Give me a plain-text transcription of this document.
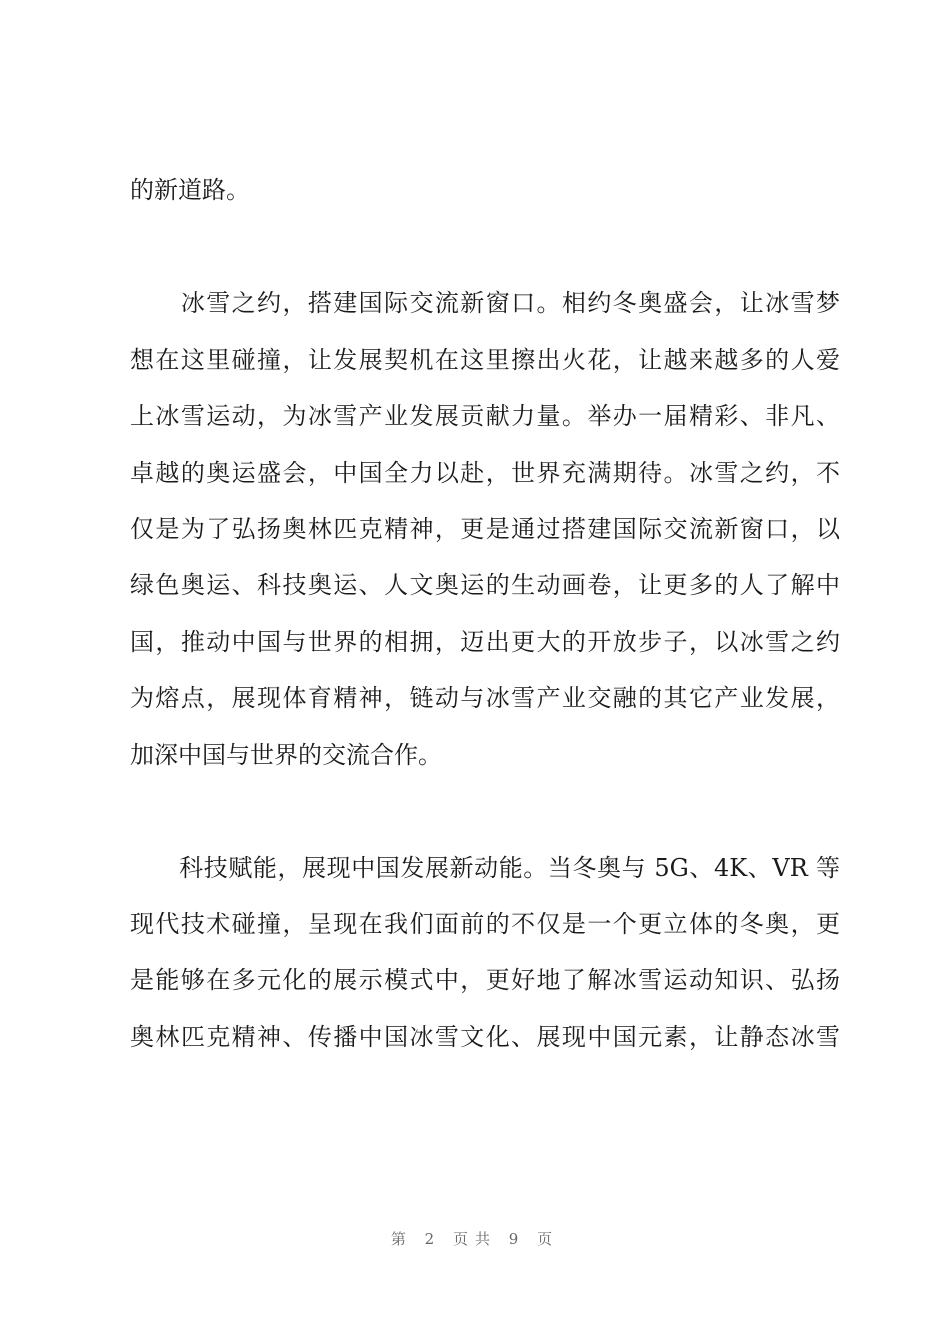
的新道路。
　　冰雪之约，搭建国际交流新窗口。相约冬奥盛会，让冰雪梦
想在这里碰撞，让发展契机在这里擦出火花，让越来越多的人爱
上冰雪运动，为冰雪产业发展贡献力量。举办一届精彩、非凡、
卓越的奥运盛会，中国全力以赴，世界充满期待。冰雪之约，不
仅是为了弘扬奥林匹克精神，更是通过搭建国际交流新窗口，以
绿色奥运、科技奥运、人文奥运的生动画卷，让更多的人了解中
国，推动中国与世界的相拥，迈出更大的开放步子，以冰雪之约
为熔点，展现体育精神，链动与冰雪产业交融的其它产业发展，
加深中国与世界的交流合作。
　　科技赋能，展现中国发展新动能。当冬奥与 5G、4K、VR 等
现代技术碰撞，呈现在我们面前的不仅是一个更立体的冬奥，更
是能够在多元化的展示模式中，更好地了解冰雪运动知识、弘扬
奥林匹克精神、传播中国冰雪文化、展现中国元素，让静态冰雪
第 2 页共 9 页
